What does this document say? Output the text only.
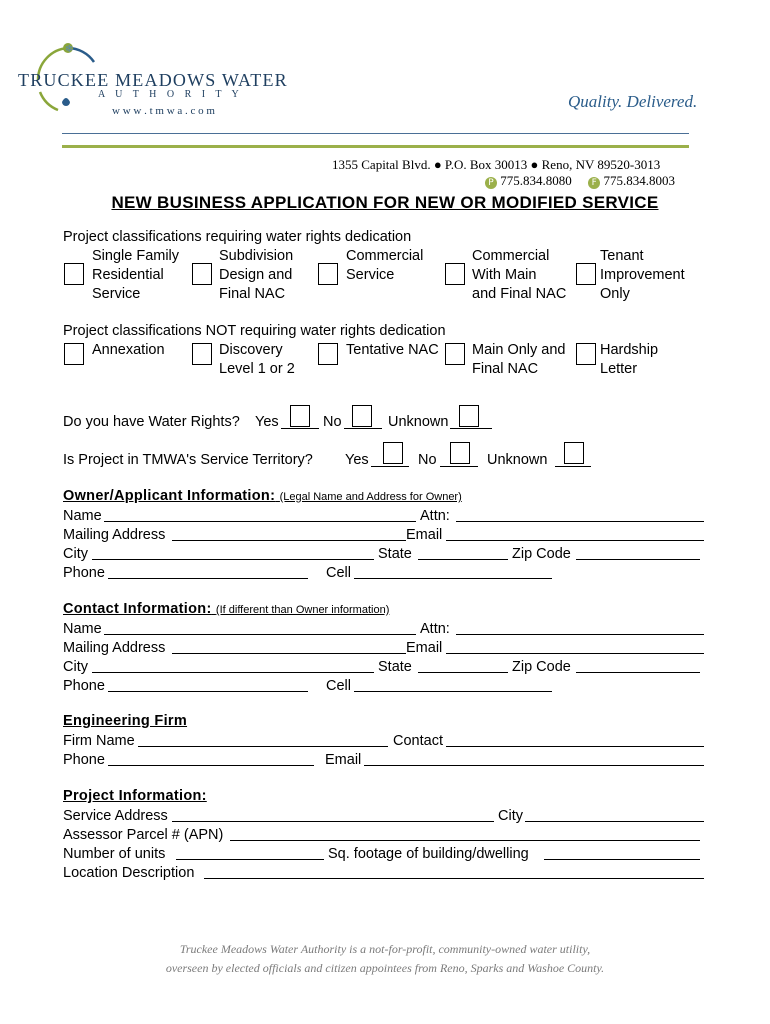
❄
TRUCKEE MEADOWS WATER
A U T H O R I T Y
w w w . t m w a . c o m	Quality. Delivered.
1355 Capital Blvd. ● P.O. Box 30013 ● Reno, NV 89520-3013
P 775.834.8080 F 775.834.8003
NEW BUSINESS APPLICATION FOR NEW OR MODIFIED SERVICE
Project classifications requiring water rights dedication
Single Family
Residential
Service
Subdivision
Design and
Final NAC
Commercial
Service
Commercial
With Main
and Final NAC
Tenant
Improvement
Only
Project classifications NOT requiring water rights dedication
Annexation	Discovery
Level 1 or 2
Tentative NAC Main Only and
Final NAC
Hardship
Letter
Do you have Water Rights? Yes	No	Unknown
Is Project in TMWA's Service Territory? Yes	No	Unknown
Owner/Applicant Information: (Legal Name and Address for Owner)
Name	Attn:
Mailing Address	Email
City	State	Zip Code
Phone	Cell
Contact Information: (If different than Owner information)
Name	Attn:
Mailing Address	Email
City	State	Zip Code
Phone	Cell
Engineering Firm
Firm Name	Contact
Phone	Email
Project Information:
Service Address	City
Assessor Parcel # (APN)
Number of units	Sq. footage of building/dwelling
Location Description
Truckee Meadows Water Authority is a not-for-profit, community-owned water utility,
overseen by elected officials and citizen appointees from Reno, Sparks and Washoe County.
